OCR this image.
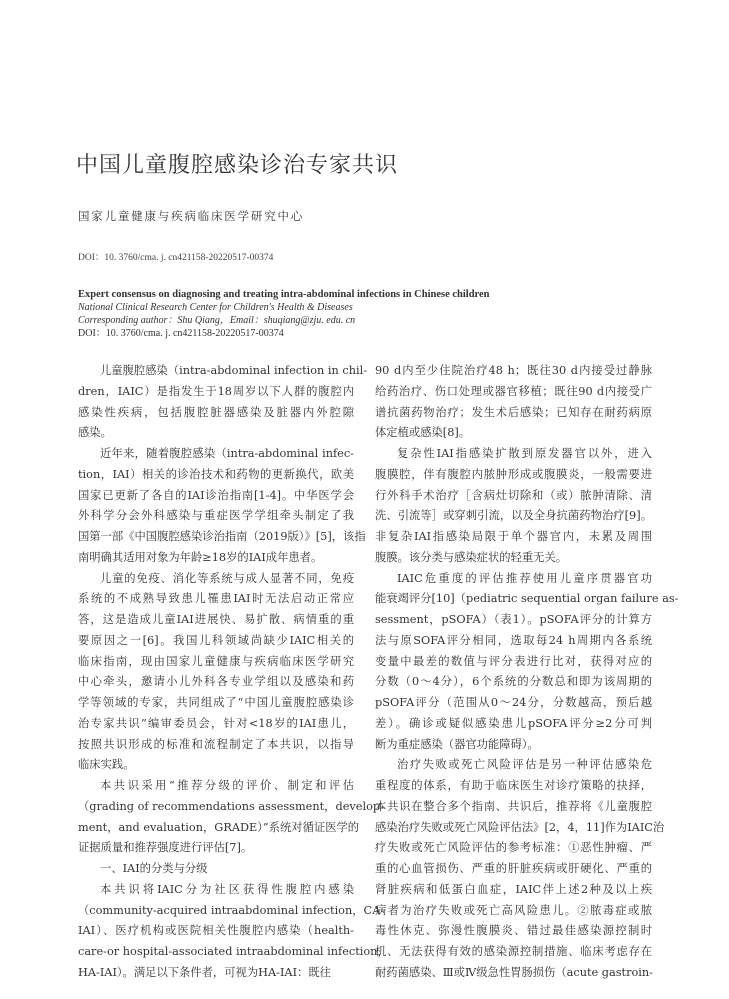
中国儿童腹腔感染诊治专家共识
国家儿童健康与疾病临床医学研究中心
DOI：10. 3760/cma. j. cn421158-20220517-00374
Expert consensus on diagnosing and treating intra-abdominal infections in Chinese children
National Clinical Research Center for Children's Health & Diseases
Corresponding author：Shu Qiang，Email：shuqiang@zju. edu. cn
DOI：10. 3760/cma. j. cn421158-20220517-00374
儿童腹腔感染（intra-abdominal infection in chil-
dren，IAIC）是指发生于18周岁以下人群的腹腔内
感染性疾病，包括腹腔脏器感染及脏器内外腔隙
感染。
近年来，随着腹腔感染（intra-abdominal infec-
tion，IAI）相关的诊治技术和药物的更新换代，欧美
国家已更新了各自的IAI诊治指南[1-4]。中华医学会
外科学分会外科感染与重症医学学组牵头制定了我
国第一部《中国腹腔感染诊治指南（2019版）》[5]，该指
南明确其适用对象为年龄≥18岁的IAI成年患者。
儿童的免疫、消化等系统与成人显著不同，免疫
系统的不成熟导致患儿罹患IAI时无法启动正常应
答，这是造成儿童IAI进展快、易扩散、病情重的重
要原因之一[6]。我国儿科领域尚缺少IAIC相关的
临床指南，现由国家儿童健康与疾病临床医学研究
中心牵头，邀请小儿外科各专业学组以及感染和药
学等领域的专家，共同组成了“中国儿童腹腔感染诊
治专家共识”编审委员会，针对<18岁的IAI患儿，
按照共识形成的标准和流程制定了本共识，以指导
临床实践。
本共识采用“推荐分级的评价、制定和评估
（grading of recommendations assessment，develop-
ment，and evaluation，GRADE）”系统对循证医学的
证据质量和推荐强度进行评估[7]。
一、IAI的分类与分级
本共识将IAIC分为社区获得性腹腔内感染
（community-acquired intraabdominal infection，CA-
IAI）、医疗机构或医院相关性腹腔内感染（health-
care-or hospital-associated intraabdominal infection，
HA-IAI）。满足以下条件者，可视为HA-IAI：既往
90 d内至少住院治疗48 h；既往30 d内接受过静脉
给药治疗、伤口处理或器官移植；既往90 d内接受广
谱抗菌药物治疗；发生术后感染；已知存在耐药病原
体定植或感染[8]。
复杂性IAI指感染扩散到原发器官以外，进入
腹膜腔，伴有腹腔内脓肿形成或腹膜炎，一般需要进
行外科手术治疗［含病灶切除和（或）脓肿清除、清
洗、引流等］或穿刺引流，以及全身抗菌药物治疗[9]。
非复杂IAI指感染局限于单个器官内，未累及周围
腹膜。该分类与感染症状的轻重无关。
IAIC危重度的评估推荐使用儿童序贯器官功
能衰竭评分[10]（pediatric sequential organ failure as-
sessment，pSOFA）（表1）。pSOFA评分的计算方
法与原SOFA评分相同，选取每24 h周期内各系统
变量中最差的数值与评分表进行比对，获得对应的
分数（0～4分），6个系统的分数总和即为该周期的
pSOFA评分（范围从0～24分，分数越高，预后越
差）。确诊或疑似感染患儿pSOFA评分≥2分可判
断为重症感染（器官功能障碍）。
治疗失败或死亡风险评估是另一种评估感染危
重程度的体系，有助于临床医生对诊疗策略的抉择，
本共识在整合多个指南、共识后，推荐将《儿童腹腔
感染治疗失败或死亡风险评估法》[2，4，11]作为IAIC治
疗失败或死亡风险评估的参考标准：①恶性肿瘤、严
重的心血管损伤、严重的肝脏疾病或肝硬化、严重的
肾脏疾病和低蛋白血症，IAIC伴上述2种及以上疾
病者为治疗失败或死亡高风险患儿。②脓毒症或脓
毒性休克、弥漫性腹膜炎、错过最佳感染源控制时
机、无法获得有效的感染源控制措施、临床考虑存在
耐药菌感染、Ⅲ或Ⅳ级急性胃肠损伤（acute gastroin-
